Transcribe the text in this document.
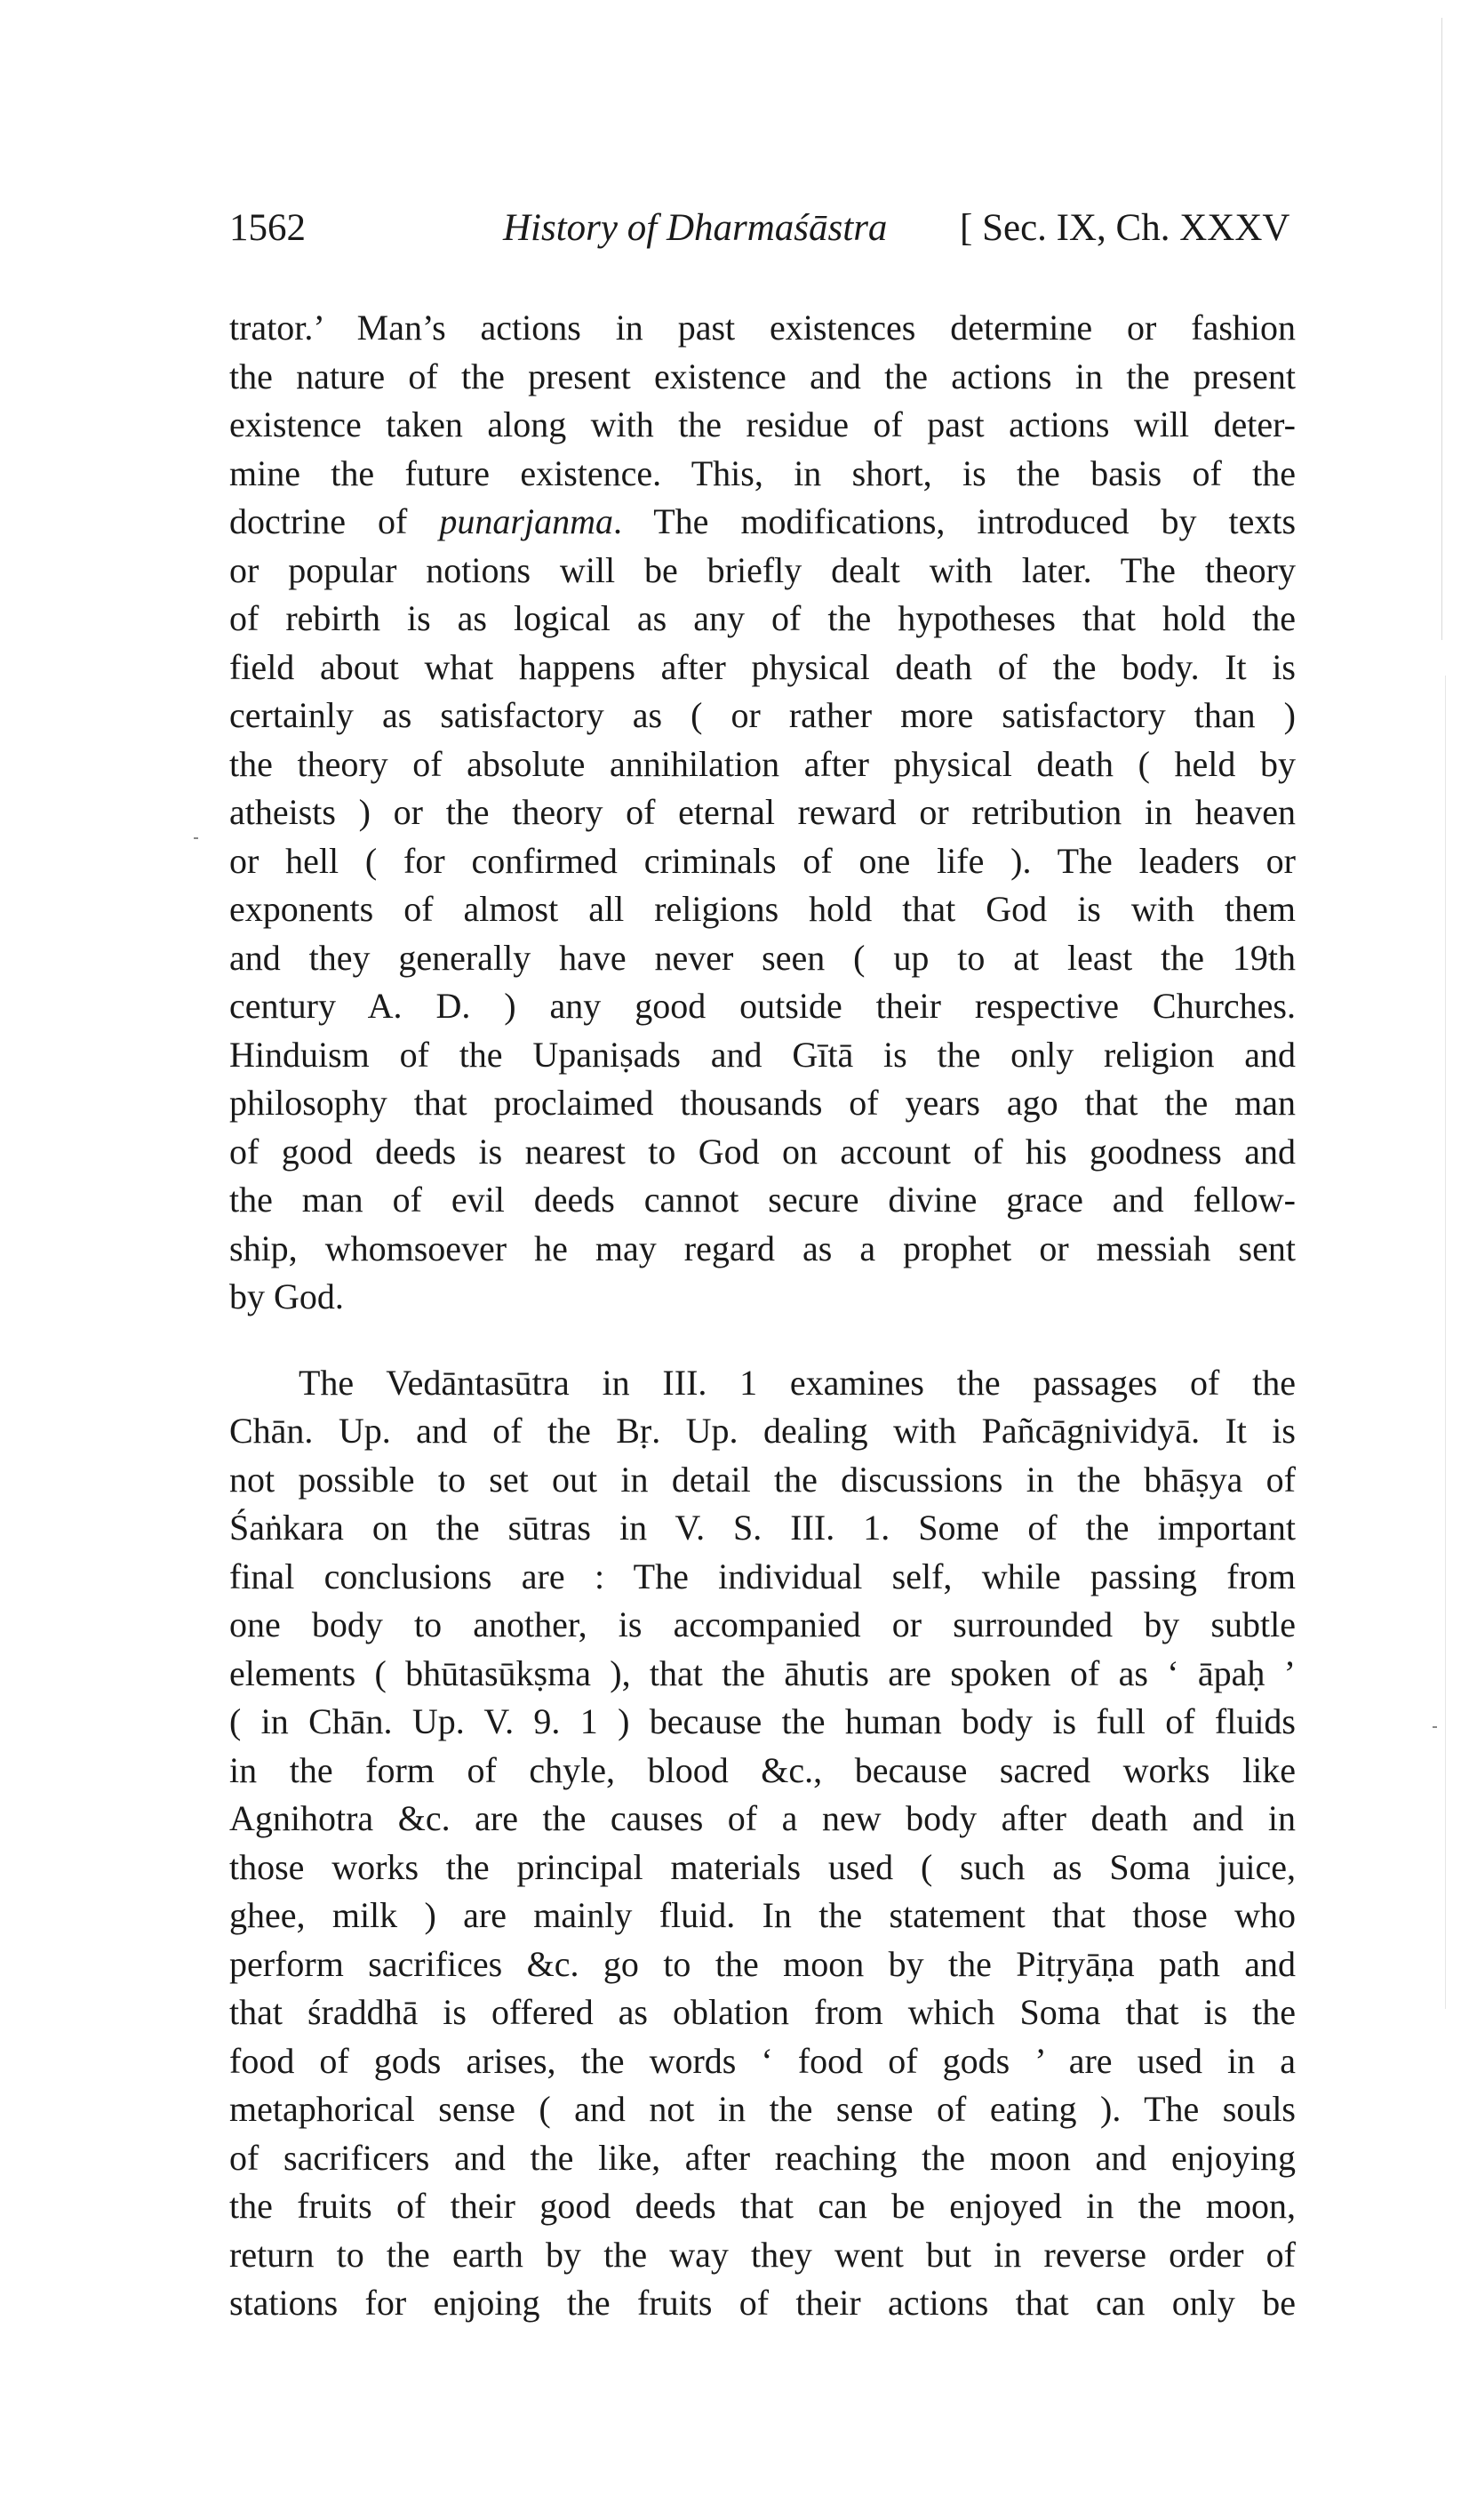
1562	History of Dharmaśāstra [ Sec. IX, Ch. XXXV
trator.’ Man’s actions in past existences determine or fashion
the nature of the present existence and the actions in the present
existence taken along with the residue of past actions will deter-
mine the future existence. This, in short, is the basis of the
doctrine of punarjanma. The modifications, introduced by texts
or popular notions will be briefly dealt with later. The theory
of rebirth is as logical as any of the hypotheses that hold the
field about what happens after physical death of the body. It is
certainly as satisfactory as ( or rather more satisfactory than )
the theory of absolute annihilation after physical death ( held by
atheists ) or the theory of eternal reward or retribution in heaven
or hell ( for confirmed criminals of one life ). The leaders or
exponents of almost all religions hold that God is with them
and they generally have never seen ( up to at least the 19th
century A. D. ) any good outside their respective Churches.
Hinduism of the Upaniṣads and Gītā is the only religion and
philosophy that proclaimed thousands of years ago that the man
of good deeds is nearest to God on account of his goodness and
the man of evil deeds cannot secure divine grace and fellow-
ship, whomsoever he may regard as a prophet or messiah sent
by God.
The Vedāntasūtra in III. 1 examines the passages of the
Chān. Up. and of the Bṛ. Up. dealing with Pañcāgnividyā. It is
not possible to set out in detail the discussions in the bhāṣya of
Śaṅkara on the sūtras in V. S. III. 1. Some of the important
final conclusions are : The individual self, while passing from
one body to another, is accompanied or surrounded by subtle
elements ( bhūtasūkṣma ), that the āhutis are spoken of as ‘ āpaḥ ’
( in Chān. Up. V. 9. 1 ) because the human body is full of fluids
in the form of chyle, blood &c., because sacred works like
Agnihotra &c. are the causes of a new body after death and in
those works the principal materials used ( such as Soma juice,
ghee, milk ) are mainly fluid. In the statement that those who
perform sacrifices &c. go to the moon by the Pitṛyāṇa path and
that śraddhā is offered as oblation from which Soma that is the
food of gods arises, the words ‘ food of gods ’ are used in a
metaphorical sense ( and not in the sense of eating ). The souls
of sacrificers and the like, after reaching the moon and enjoying
the fruits of their good deeds that can be enjoyed in the moon,
return to the earth by the way they went but in reverse order of
stations for enjoing the fruits of their actions that can only be
